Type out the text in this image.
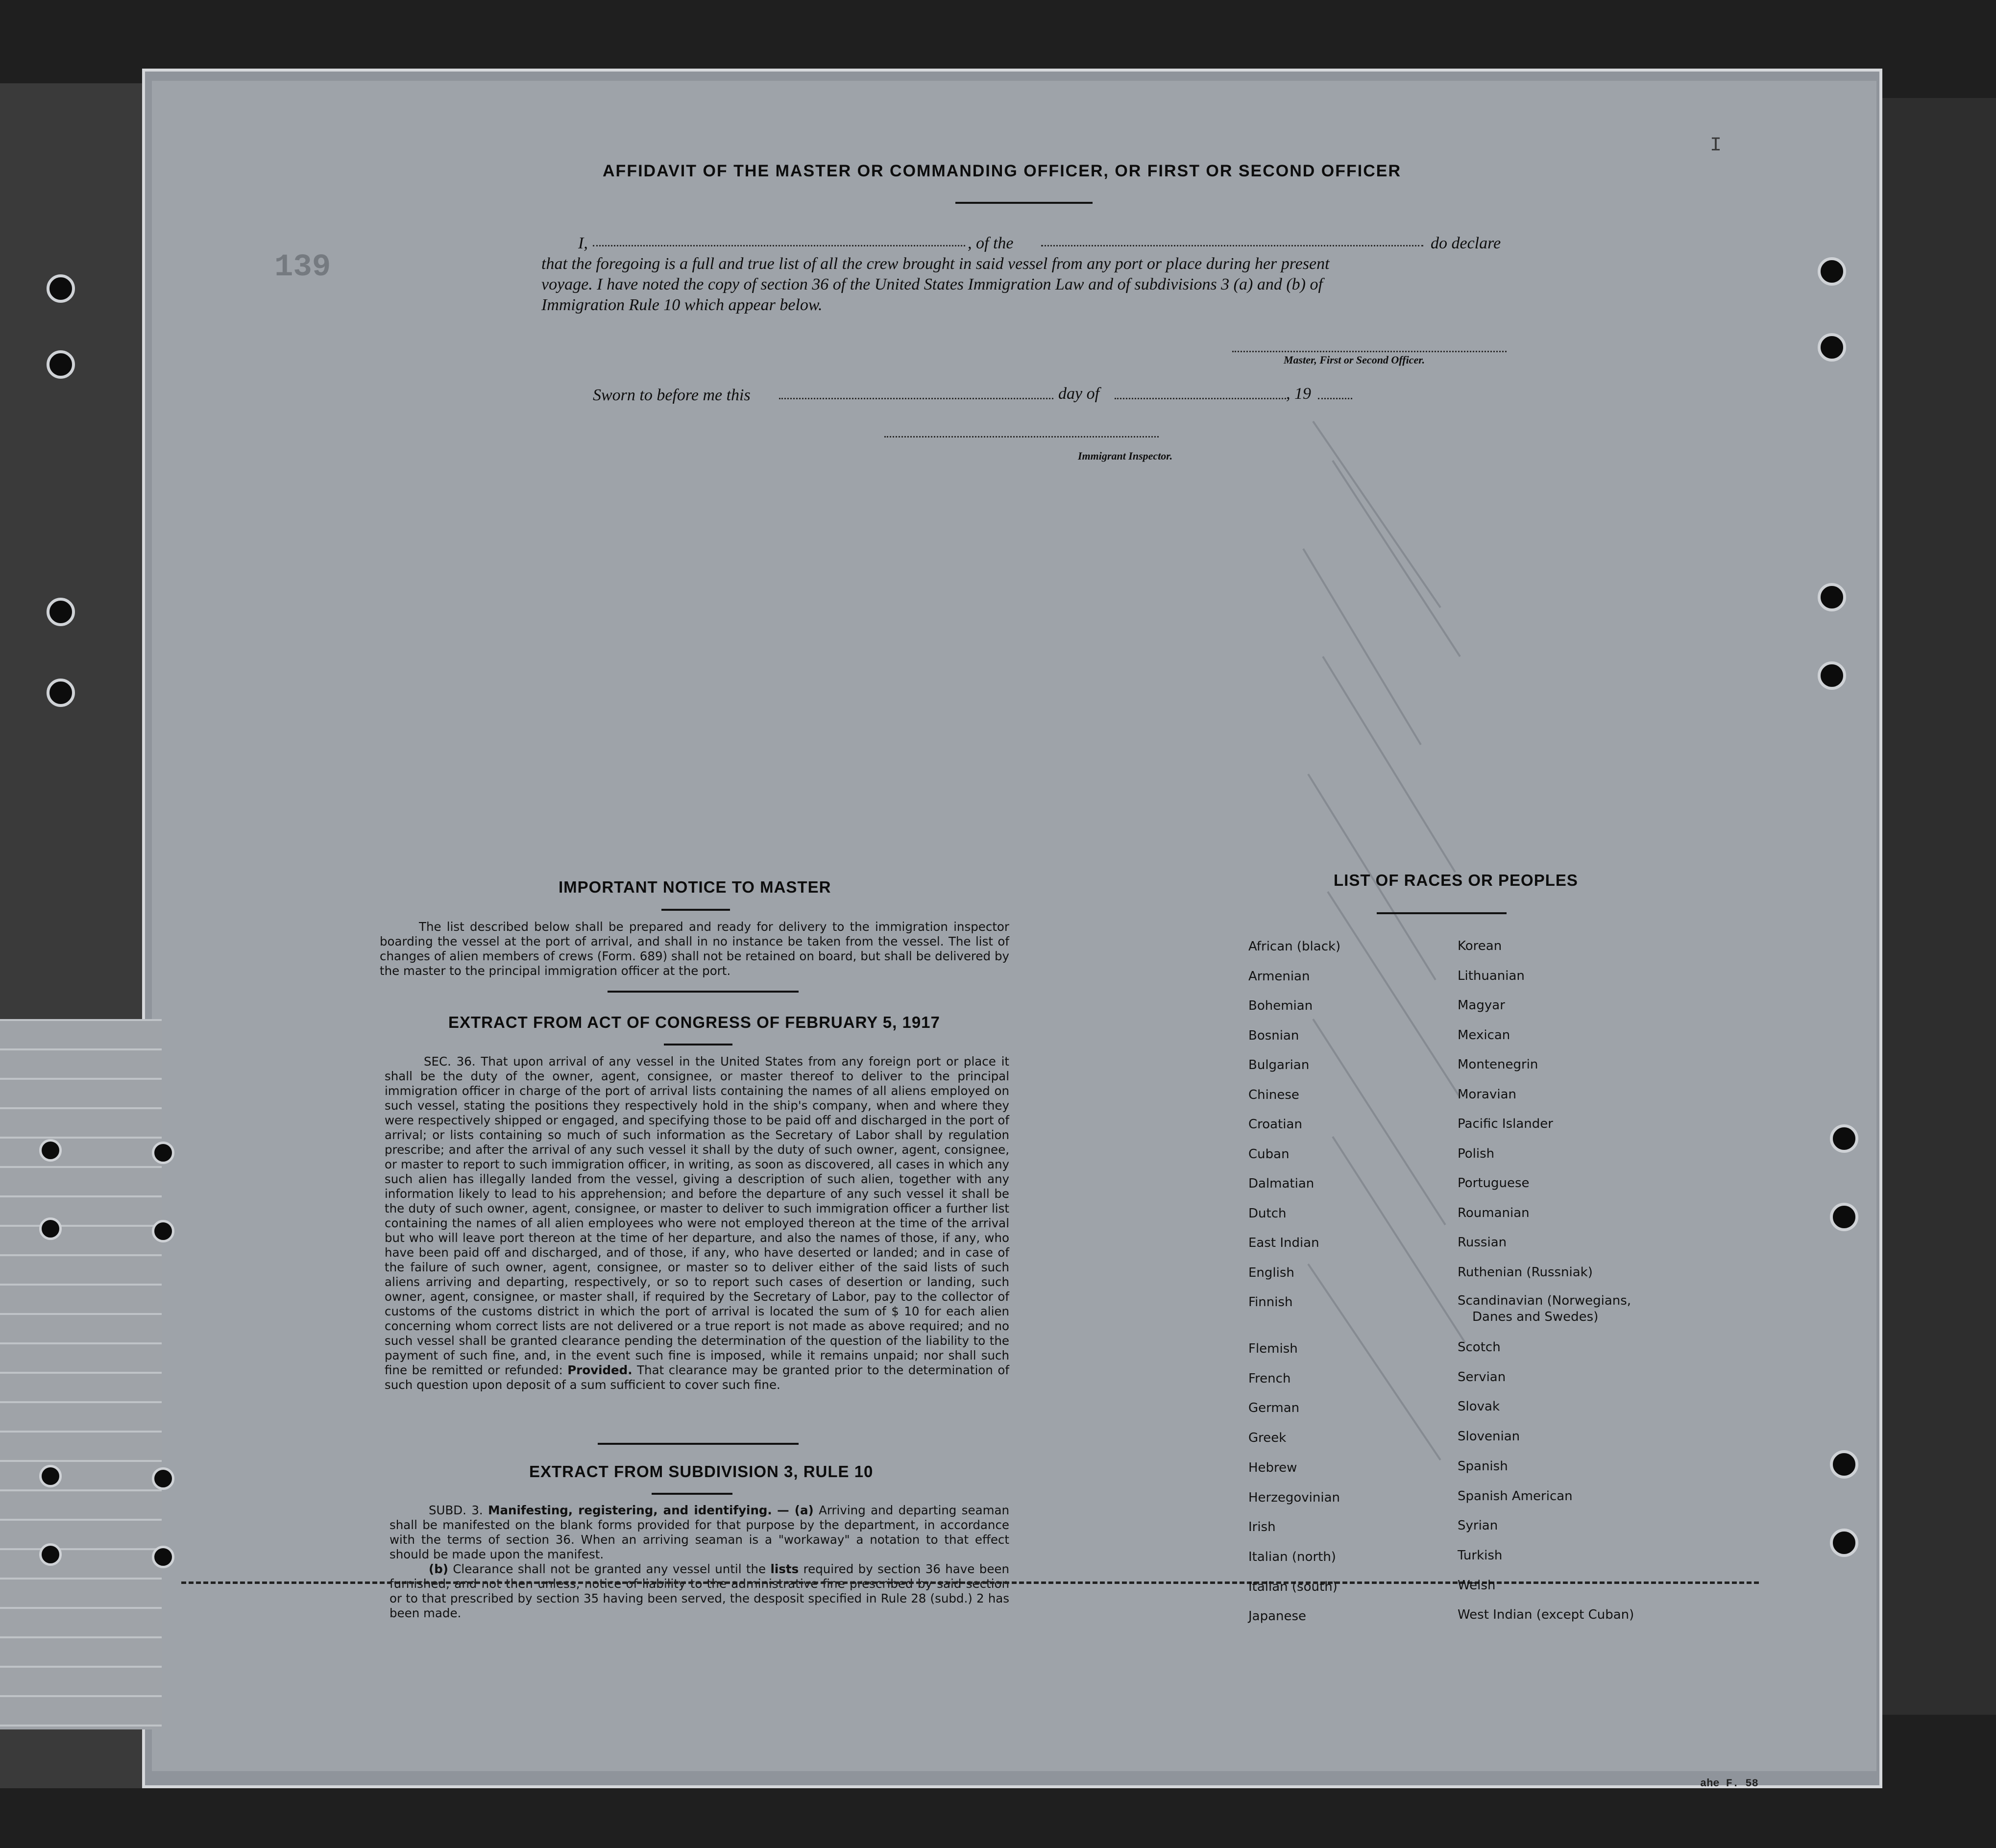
139
I
ahe F. 58
AFFIDAVIT OF THE MASTER OR COMMANDING OFFICER, OR FIRST OR SECOND OFFICER
I,	, of the	do declare
that the foregoing is a full and true list of all the crew brought in said vessel from any port or place during her present
voyage. I have noted the copy of section 36 of the United States Immigration Law and of subdivisions 3 (a) and (b) of
Immigration Rule 10 which appear below.
Master, First or Second Officer.
Sworn to before me this	day of	, 19
Immigrant Inspector.
IMPORTANT NOTICE TO MASTER
The list described below shall be prepared and ready for delivery to the immigration inspector boarding the vessel at the port of arrival, and shall in no instance be taken from the vessel. The list of changes of alien members of crews (Form. 689) shall not be retained on board, but shall be delivered by the master to the principal immigration officer at the port.
EXTRACT FROM ACT OF CONGRESS OF FEBRUARY 5, 1917
SEC. 36. That upon arrival of any vessel in the United States from any foreign port or place it shall be the duty of the owner, agent, consignee, or master thereof to deliver to the principal immigration officer in charge of the port of arrival lists containing the names of all aliens employed on such vessel, stating the positions they respectively hold in the ship's company, when and where they were respectively shipped or engaged, and specifying those to be paid off and discharged in the port of arrival; or lists containing so much of such information as the Secretary of Labor shall by regulation prescribe; and after the arrival of any such vessel it shall by the duty of such owner, agent, consignee, or master to report to such immigration officer, in writing, as soon as discovered, all cases in which any such alien has illegally landed from the vessel, giving a description of such alien, together with any information likely to lead to his apprehension; and before the departure of any such vessel it shall be the duty of such owner, agent, consignee, or master to deliver to such immigration officer a further list containing the names of all alien employees who were not employed thereon at the time of the arrival but who will leave port thereon at the time of her departure, and also the names of those, if any, who have been paid off and discharged, and of those, if any, who have deserted or landed; and in case of the failure of such owner, agent, consignee, or master so to deliver either of the said lists of such aliens arriving and departing, respectively, or so to report such cases of desertion or landing, such owner, agent, consignee, or master shall, if required by the Secretary of Labor, pay to the collector of customs of the customs district in which the port of arrival is located the sum of $ 10 for each alien concerning whom correct lists are not delivered or a true report is not made as above required; and no such vessel shall be granted clearance pending the determination of the question of the liability to the payment of such fine, and, in the event such fine is imposed, while it remains unpaid; nor shall such fine be remitted or refunded: Provided. That clearance may be granted prior to the determination of such question upon deposit of a sum sufficient to cover such fine.
EXTRACT FROM SUBDIVISION 3, RULE 10
SUBD. 3. Manifesting, registering, and identifying. — (a) Arriving and departing seaman shall be manifested on the blank forms provided for that purpose by the department, in accordance with the terms of section 36. When an arriving seaman is a "workaway" a notation to that effect should be made upon the manifest.
(b) Clearance shall not be granted any vessel until the lists required by section 36 have been furnished, and not then unless, notice of liability to the administrative fine prescribed by said section or to that prescribed by section 35 having been served, the desposit specified in Rule 28 (subd.) 2 has been made.
LIST OF RACES OR PEOPLES
African (black)
Armenian
Bohemian
Bosnian
Bulgarian
Chinese
Croatian
Cuban
Dalmatian
Dutch
East Indian
English
Finnish
Flemish
French
German
Greek
Hebrew
Herzegovinian
Irish
Italian (north)
Italian (south)
Japanese
Korean
Lithuanian
Magyar
Mexican
Montenegrin
Moravian
Pacific Islander
Polish
Portuguese
Roumanian
Russian
Ruthenian (Russniak)
Scandinavian (Norwegians,
Danes and Swedes)
Scotch
Servian
Slovak
Slovenian
Spanish
Spanish American
Syrian
Turkish
Welsh
West Indian (except Cuban)
